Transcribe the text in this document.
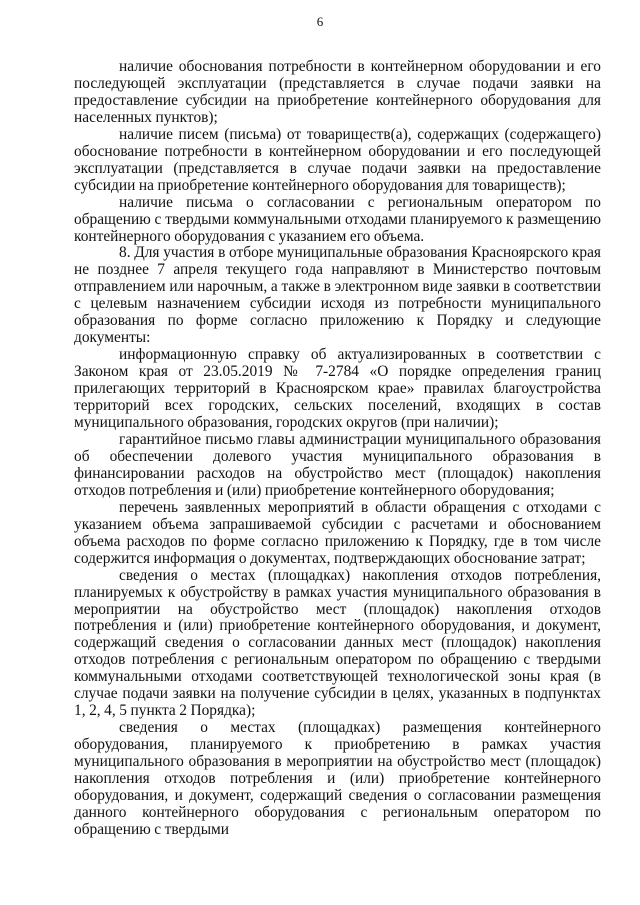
6

наличие обоснования потребности в контейнерном оборудовании и его последующей эксплуатации (представляется в случае подачи заявки на предоставление субсидии на приобретение контейнерного оборудования для населенных пунктов);

наличие писем (письма) от товариществ(а), содержащих (содержащего) обоснование потребности в контейнерном оборудовании и его последующей эксплуатации (представляется в случае подачи заявки на предоставление субсидии на приобретение контейнерного оборудования для товариществ);

наличие письма о согласовании с региональным оператором по обращению с твердыми коммунальными отходами планируемого к размещению контейнерного оборудования с указанием его объема.

8. Для участия в отборе муниципальные образования Красноярского края не позднее 7 апреля текущего года направляют в Министерство почтовым отправлением или нарочным, а также в электронном виде заявки в соответствии с целевым назначением субсидии исходя из потребности муниципального образования по форме согласно приложению к Порядку и следующие документы:

информационную справку об актуализированных в соответствии с Законом края от 23.05.2019 № 7-2784 «О порядке определения границ прилегающих территорий в Красноярском крае» правилах благоустройства территорий всех городских, сельских поселений, входящих в состав муниципального образования, городских округов (при наличии);

гарантийное письмо главы администрации муниципального образования об обеспечении долевого участия муниципального образования в финансировании расходов на обустройство мест (площадок) накопления отходов потребления и (или) приобретение контейнерного оборудования;

перечень заявленных мероприятий в области обращения с отходами с указанием объема запрашиваемой субсидии с расчетами и обоснованием объема расходов по форме согласно приложению к Порядку, где в том числе содержится информация о документах, подтверждающих обоснование затрат;

сведения о местах (площадках) накопления отходов потребления, планируемых к обустройству в рамках участия муниципального образования в мероприятии на обустройство мест (площадок) накопления отходов потребления и (или) приобретение контейнерного оборудования, и документ, содержащий сведения о согласовании данных мест (площадок) накопления отходов потребления с региональным оператором по обращению с твердыми коммунальными отходами соответствующей технологической зоны края (в случае подачи заявки на получение субсидии в целях, указанных в подпунктах 1, 2, 4, 5 пункта 2 Порядка);

сведения о местах (площадках) размещения контейнерного оборудования, планируемого к приобретению в рамках участия муниципального образования в мероприятии на обустройство мест (площадок) накопления отходов потребления и (или) приобретение контейнерного оборудования, и документ, содержащий сведения о согласовании размещения данного контейнерного оборудования с региональным оператором по обращению с твердыми
